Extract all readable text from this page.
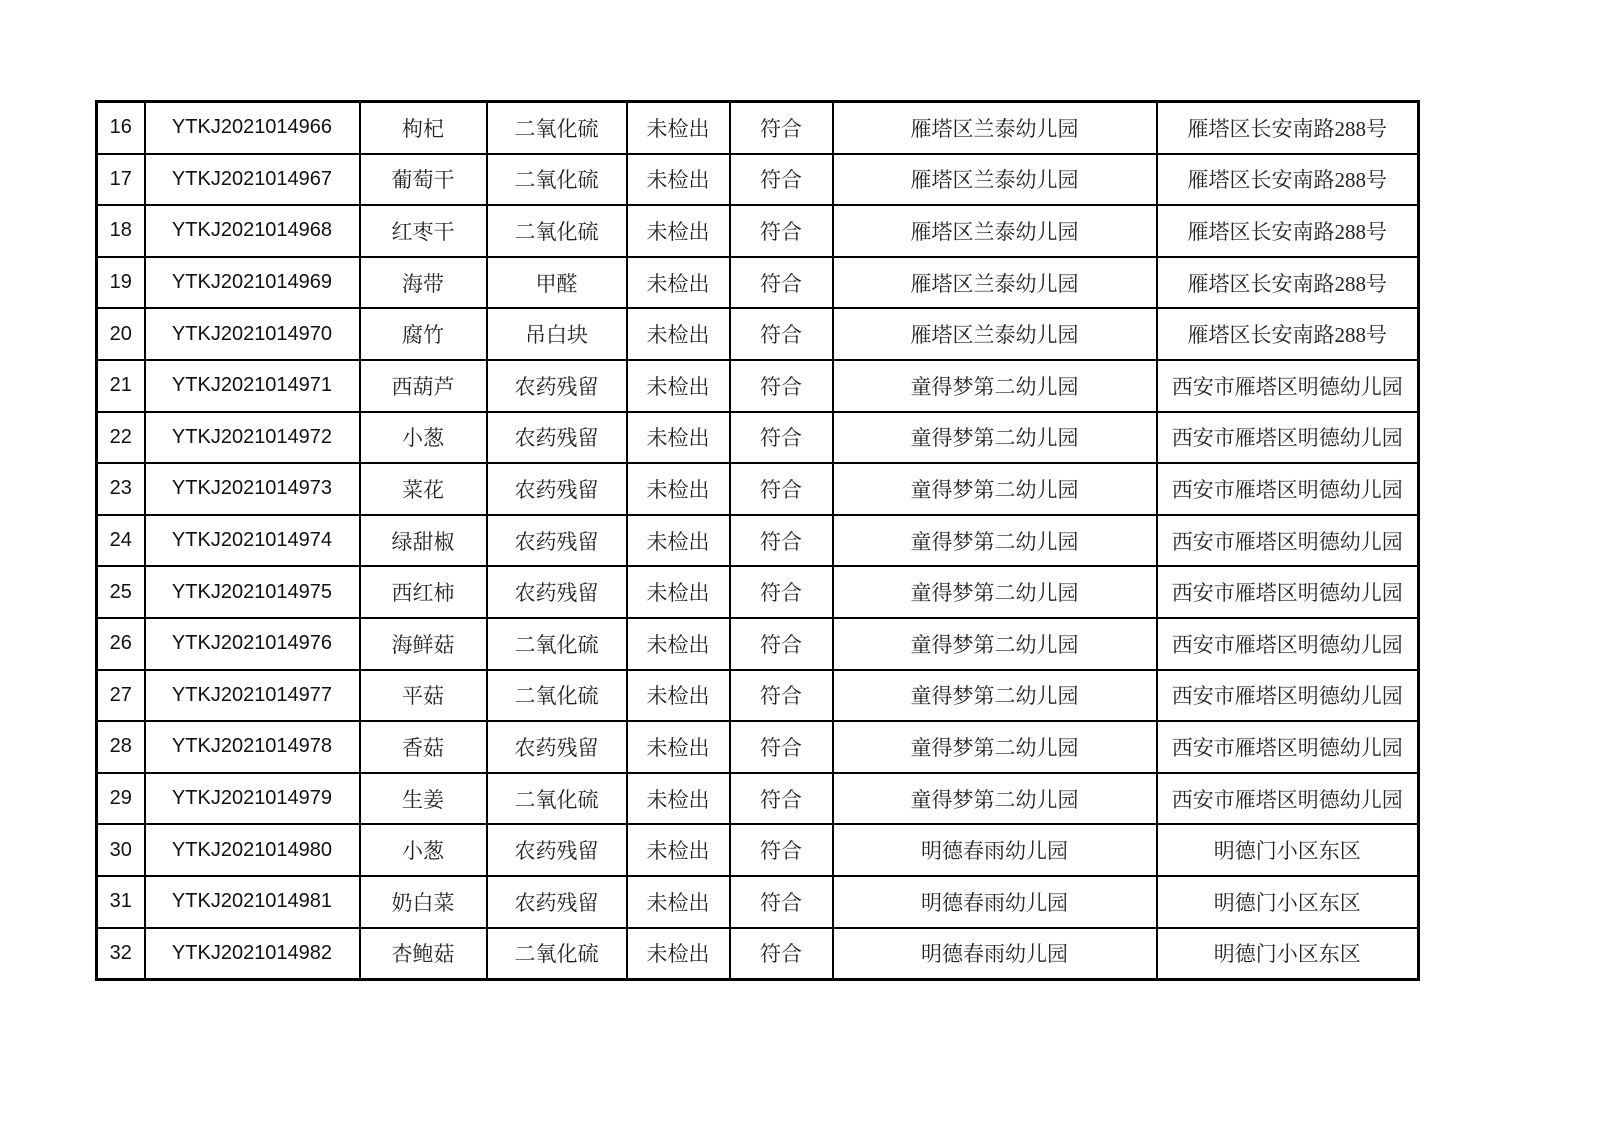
16	YTKJ2021014966	枸杞	二氧化硫	未检出	符合	雁塔区兰泰幼儿园	雁塔区长安南路288号
17	YTKJ2021014967	葡萄干	二氧化硫	未检出	符合	雁塔区兰泰幼儿园	雁塔区长安南路288号
18	YTKJ2021014968	红枣干	二氧化硫	未检出	符合	雁塔区兰泰幼儿园	雁塔区长安南路288号
19	YTKJ2021014969	海带	甲醛	未检出	符合	雁塔区兰泰幼儿园	雁塔区长安南路288号
20	YTKJ2021014970	腐竹	吊白块	未检出	符合	雁塔区兰泰幼儿园	雁塔区长安南路288号
21	YTKJ2021014971	西葫芦	农药残留	未检出	符合	童得梦第二幼儿园	西安市雁塔区明德幼儿园
22	YTKJ2021014972	小葱	农药残留	未检出	符合	童得梦第二幼儿园	西安市雁塔区明德幼儿园
23	YTKJ2021014973	菜花	农药残留	未检出	符合	童得梦第二幼儿园	西安市雁塔区明德幼儿园
24	YTKJ2021014974	绿甜椒	农药残留	未检出	符合	童得梦第二幼儿园	西安市雁塔区明德幼儿园
25	YTKJ2021014975	西红柿	农药残留	未检出	符合	童得梦第二幼儿园	西安市雁塔区明德幼儿园
26	YTKJ2021014976	海鲜菇	二氧化硫	未检出	符合	童得梦第二幼儿园	西安市雁塔区明德幼儿园
27	YTKJ2021014977	平菇	二氧化硫	未检出	符合	童得梦第二幼儿园	西安市雁塔区明德幼儿园
28	YTKJ2021014978	香菇	农药残留	未检出	符合	童得梦第二幼儿园	西安市雁塔区明德幼儿园
29	YTKJ2021014979	生姜	二氧化硫	未检出	符合	童得梦第二幼儿园	西安市雁塔区明德幼儿园
30	YTKJ2021014980	小葱	农药残留	未检出	符合	明德春雨幼儿园	明德门小区东区
31	YTKJ2021014981	奶白菜	农药残留	未检出	符合	明德春雨幼儿园	明德门小区东区
32	YTKJ2021014982	杏鲍菇	二氧化硫	未检出	符合	明德春雨幼儿园	明德门小区东区
